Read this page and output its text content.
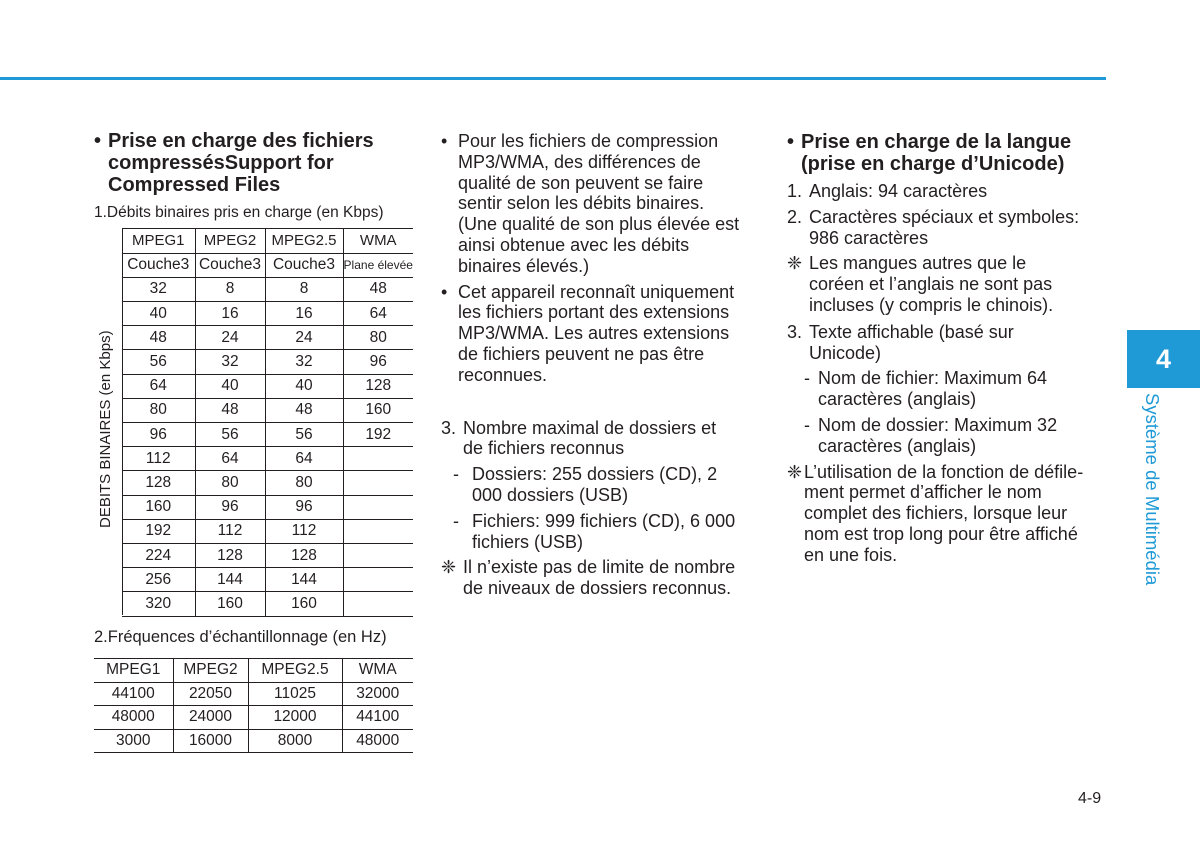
• Prise en charge des fichiers
compressésSupport for
Compressed Files
1.Débits binaires pris en charge (en Kbps)
MPEG1	MPEG2	MPEG2.5	WMA
Couche3	Couche3	Couche3	Plane élevée
32	8	8	48
40	16	16	64
48	24	24	80
56	32	32	96
64	40	40	128
80	48	48	160
96	56	56	192
112	64	64	
128	80	80	
160	96	96	
192	112	112	
224	128	128	
256	144	144	
320	160	160	
DEBITS BINAIRES (en Kbps)
2.Fréquences d’échantillonnage (en Hz)
MPEG1	MPEG2	MPEG2.5	WMA
44100	22050	11025	32000
48000	24000	12000	44100
3000	16000	8000	48000
• Pour les fichiers de compression
MP3/WMA, des différences de
qualité de son peuvent se faire
sentir selon les débits binaires.
(Une qualité de son plus élevée est
ainsi obtenue avec les débits
binaires élevés.)
• Cet appareil reconnaît uniquement
les fichiers portant des extensions
MP3/WMA. Les autres extensions
de fichiers peuvent ne pas être
reconnues.
3. Nombre maximal de dossiers et
de fichiers reconnus
- Dossiers: 255 dossiers (CD), 2
000 dossiers (USB)
- Fichiers: 999 fichiers (CD), 6 000
fichiers (USB)
❈ Il n’existe pas de limite de nombre
de niveaux de dossiers reconnus.
• Prise en charge de la langue
(prise en charge d’Unicode)
1. Anglais: 94 caractères
2. Caractères spéciaux et symboles:
986 caractères
❈ Les mangues autres que le
coréen et l’anglais ne sont pas
incluses (y compris le chinois).
3. Texte affichable (basé sur
Unicode)
- Nom de fichier: Maximum 64
caractères (anglais)
- Nom de dossier: Maximum 32
caractères (anglais)
❈ L’utilisation de la fonction de défile-
ment permet d’afficher le nom
complet des fichiers, lorsque leur
nom est trop long pour être affiché
en une fois.
4
Système de Multimédia
4-9
